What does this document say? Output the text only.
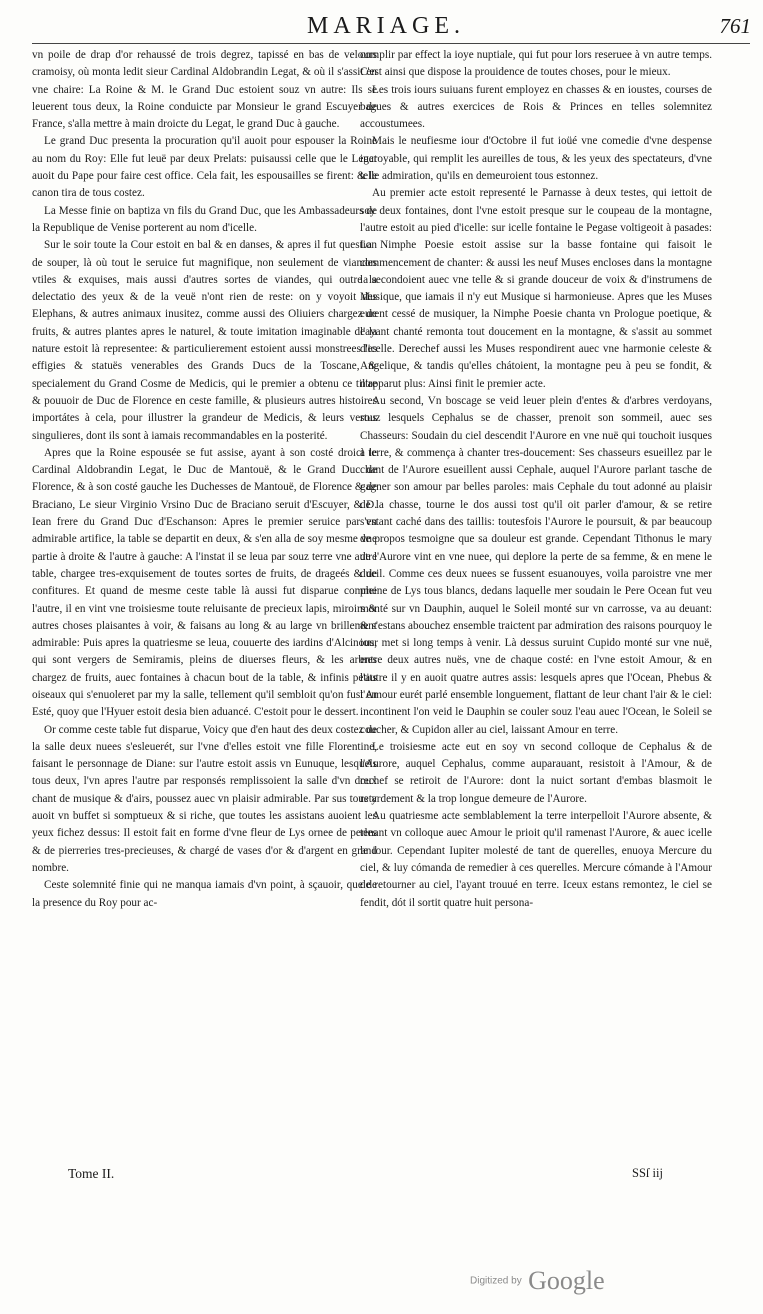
MARIAGE.	761

vn poile de drap d'or rehaussé de trois degrez, tapissé en bas de velours cramoisy, où monta ledit sieur Cardinal Aldobrandin Legat, & où il s'assit en vne chaire: La Roine & M. le Grand Duc estoient souz vn autre: Ils se leuerent tous deux, la Roine conduicte par Monsieur le grand Escuyer de France, s'alla mettre à main droicte du Legat, le grand Duc à gauche.

Le grand Duc presenta la procuration qu'il auoit pour espouser la Roine au nom du Roy: Elle fut leuë par deux Prelats: puisaussi celle que le Legat auoit du Pape pour faire cest office. Cela fait, les espousailles se firent: & le canon tira de tous costez.

La Messe finie on baptiza vn fils du Grand Duc, que les Ambassadeurs de la Republique de Venise porterent au nom d'icelle.

Sur le soir toute la Cour estoit en bal & en danses, & apres il fut question de souper, là où tout le seruice fut magnifique, non seulement de viandes vtiles & exquises, mais aussi d'autres sortes de viandes, qui outre la delectatio des yeux & de la veuë n'ont rien de reste: on y voyoit des Elephans, & autres animaux inusitez, comme aussi des Oliuiers chargez de fruits, & autres plantes apres le naturel, & toute imitation imaginable de la nature estoit là representee: & particulierement estoient aussi monstrees les effigies & statuës venerables des Grands Ducs de la Toscane, & specialement du Grand Cosme de Medicis, qui le premier a obtenu ce tiltre & pouuoir de Duc de Florence en ceste famille, & plusieurs autres histoires importátes à cela, pour illustrer la grandeur de Medicis, & leurs vertus singulieres, dont ils sont à iamais recommandables en la posterité.

Apres que la Roine espousée se fut assise, ayant à son costé droict le Cardinal Aldobrandin Legat, le Duc de Mantouë, & le Grand Duc de Florence, & à son costé gauche les Duchesses de Mantouë, de Florence & de Braciano, Le sieur Virginio Vrsino Duc de Braciano seruit d'Escuyer, & D. Iean frere du Grand Duc d'Eschanson: Apres le premier seruice par vn admirable artifice, la table se departit en deux, & s'en alla de soy mesme vne partie à droite & l'autre à gauche: A l'instat il se leua par souz terre vne autre table, chargee tres-exquisement de toutes sortes de fruits, de drageés & de confitures. Et quand de mesme ceste table là aussi fut disparue comme l'autre, il en vint vne troisiesme toute reluisante de precieux lapis, miroirs & autres choses plaisantes à voir, & faisans au long & au large vn brillement admirable: Puis apres la quatriesme se leua, couuerte des iardins d'Alcinous, qui sont vergers de Semiramis, pleins de diuerses fleurs, & les arbres chargez de fruits, auec fontaines à chacun bout de la table, & infinis petits oiseaux qui s'enuoleret par my la salle, tellement qu'il sembloit qu'on fust en Esté, quoy que l'Hyuer estoit desia bien aduancé. C'estoit pour le dessert.

Or comme ceste table fut disparue, Voicy que d'en haut des deux costez de la salle deux nuees s'esleuerét, sur l'vne d'elles estoit vne fille Florentine, faisant le personnage de Diane: sur l'autre estoit assis vn Eunuque, lesquels tous deux, l'vn apres l'autre par responsés remplissoient la salle d'vn doux chant de musique & d'airs, poussez auec vn plaisir admirable. Par sus tous y auoit vn buffet si somptueux & si riche, que toutes les assistans auoient les yeux fichez dessus: Il estoit fait en forme d'vne fleur de Lys ornee de perles & de pierreries tres-precieuses, & chargé de vases d'or & d'argent en grand nombre.

Ceste solemnité finie qui ne manqua iamais d'vn point, à sçauoir, que de la presence du Roy pour ac-

complir par effect la ioye nuptiale, qui fut pour lors reseruee à vn autre temps. C'est ainsi que dispose la prouidence de toutes choses, pour le mieux.

Les trois iours suiuans furent employez en chasses & en ioustes, courses de bagues & autres exercices de Rois & Princes en telles solemnitez accoustumees.

Mais le neufiesme iour d'Octobre il fut ioüé vne comedie d'vne despense incroyable, qui remplit les aureilles de tous, & les yeux des spectateurs, d'vne telle admiration, qu'ils en demeuroient tous estonnez.

Au premier acte estoit representé le Parnasse à deux testes, qui iettoit de soy deux fontaines, dont l'vne estoit presque sur le coupeau de la montagne, l'autre estoit au pied d'icelle: sur icelle fontaine le Pegase voltigeoit à pasades: La Nimphe Poesie estoit assise sur la basse fontaine qui faisoit le commencement de chanter: & aussi les neuf Muses encloses dans la montagne la secondoient auec vne telle & si grande douceur de voix & d'instrumens de Musique, que iamais il n'y eut Musique si harmonieuse. Apres que les Muses eurent cessé de musiquer, la Nimphe Poesie chanta vn Prologue poetique, & l'ayant chanté remonta tout doucement en la montagne, & s'assit au sommet d'icelle. Derechef aussi les Muses respondirent auec vne harmonie celeste & Angelique, & tandis qu'elles chátoient, la montagne peu à peu se fondit, & n'apparut plus: Ainsi finit le premier acte.

Au second, Vn boscage se veid leuer plein d'entes & d'arbres verdoyans, souz lesquels Cephalus se de chasser, prenoit son sommeil, auec ses Chasseurs: Soudain du ciel descendit l'Aurore en vne nuë qui touchoit iusques à terre, & commença à chanter tres-doucement: Ses chasseurs esueillez par le chant de l'Aurore esueillent aussi Cephale, auquel l'Aurore parlant tasche de gagner son amour par belles paroles: mais Cephale du tout adonné au plaisir de la chasse, tourne le dos aussi tost qu'il oit parler d'amour, & se retire s'estant caché dans des taillis: toutesfois l'Aurore le poursuit, & par beaucoup de propos tesmoigne que sa douleur est grande. Cependant Tithonus le mary de l'Aurore vint en vne nuee, qui deplore la perte de sa femme, & en mene le dueil. Comme ces deux nuees se fussent esuanouyes, voila paroistre vne mer pleine de Lys tous blancs, dedans laquelle mer soudain le Pere Ocean fut veu monté sur vn Dauphin, auquel le Soleil monté sur vn carrosse, va au deuant: & s'estans abouchez ensemble traictent par admiration des raisons pourquoy le iour met si long temps à venir. Là dessus suruint Cupido monté sur vne nuë, entre deux autres nuës, vne de chaque costé: en l'vne estoit Amour, & en l'autre il y en auoit quatre autres assis: lesquels apres que l'Ocean, Phebus & l'Amour eurét parlé ensemble longuement, flattant de leur chant l'air & le ciel: incontinent l'on veid le Dauphin se couler souz l'eau auec l'Ocean, le Soleil se coucher, & Cupidon aller au ciel, laissant Amour en terre.

Le troisiesme acte eut en soy vn second colloque de Cephalus & de l'Aurore, auquel Cephalus, comme auparauant, resistoit à l'Amour, & de rechef se retiroit de l'Aurore: dont la nuict sortant d'embas blasmoit le retardement & la trop longue demeure de l'Aurore.

Au quatriesme acte semblablement la terre interpelloit l'Aurore absente, & tenant vn colloque auec Amour le prioit qu'il ramenast l'Aurore, & auec icelle le iour. Cependant Iupiter molesté de tant de querelles, enuoya Mercure du ciel, & luy cómanda de remedier à ces querelles. Mercure cómande à l'Amour de retourner au ciel, l'ayant trouué en terre. Iceux estans remontez, le ciel se fendit, dót il sortit quatre huit persona-

Tome II.	SSſ iij
Digitized by Google
